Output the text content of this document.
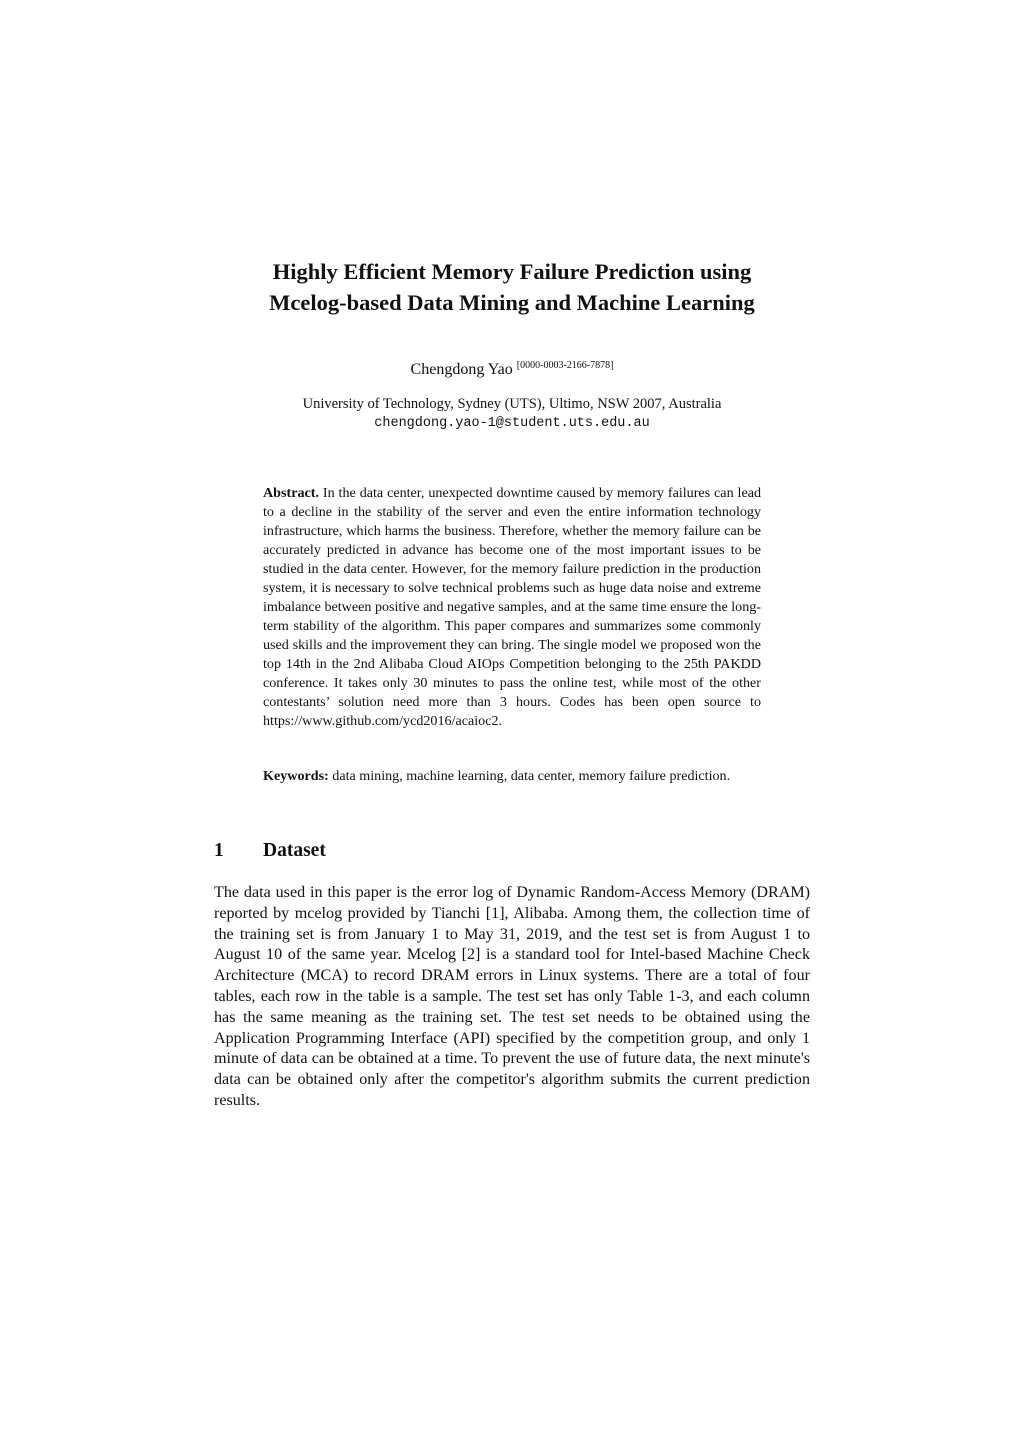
Highly Efficient Memory Failure Prediction using
Mcelog-based Data Mining and Machine Learning
Chengdong Yao [0000-0003-2166-7878]
University of Technology, Sydney (UTS), Ultimo, NSW 2007, Australia
chengdong.yao-1@student.uts.edu.au
Abstract. In the data center, unexpected downtime caused by memory failures can lead to a decline in the stability of the server and even the entire information technology infrastructure, which harms the business. Therefore, whether the memory failure can be accurately predicted in advance has become one of the most important issues to be studied in the data center. However, for the memory failure prediction in the production system, it is necessary to solve technical problems such as huge data noise and extreme imbalance between positive and negative samples, and at the same time ensure the long-term stability of the algorithm. This paper compares and summarizes some commonly used skills and the improvement they can bring. The single model we proposed won the top 14th in the 2nd Alibaba Cloud AIOps Competition belonging to the 25th PAKDD conference. It takes only 30 minutes to pass the online test, while most of the other contestants’ solution need more than 3 hours. Codes has been open source to https://www.github.com/ycd2016/acaioc2.
Keywords: data mining, machine learning, data center, memory failure prediction.
1 Dataset
The data used in this paper is the error log of Dynamic Random-Access Memory (DRAM) reported by mcelog provided by Tianchi [1], Alibaba. Among them, the collection time of the training set is from January 1 to May 31, 2019, and the test set is from August 1 to August 10 of the same year. Mcelog [2] is a standard tool for Intel-based Machine Check Architecture (MCA) to record DRAM errors in Linux systems. There are a total of four tables, each row in the table is a sample. The test set has only Table 1-3, and each column has the same meaning as the training set. The test set needs to be obtained using the Application Programming Interface (API) specified by the competition group, and only 1 minute of data can be obtained at a time. To prevent the use of future data, the next minute's data can be obtained only after the competitor's algorithm submits the current prediction results.
